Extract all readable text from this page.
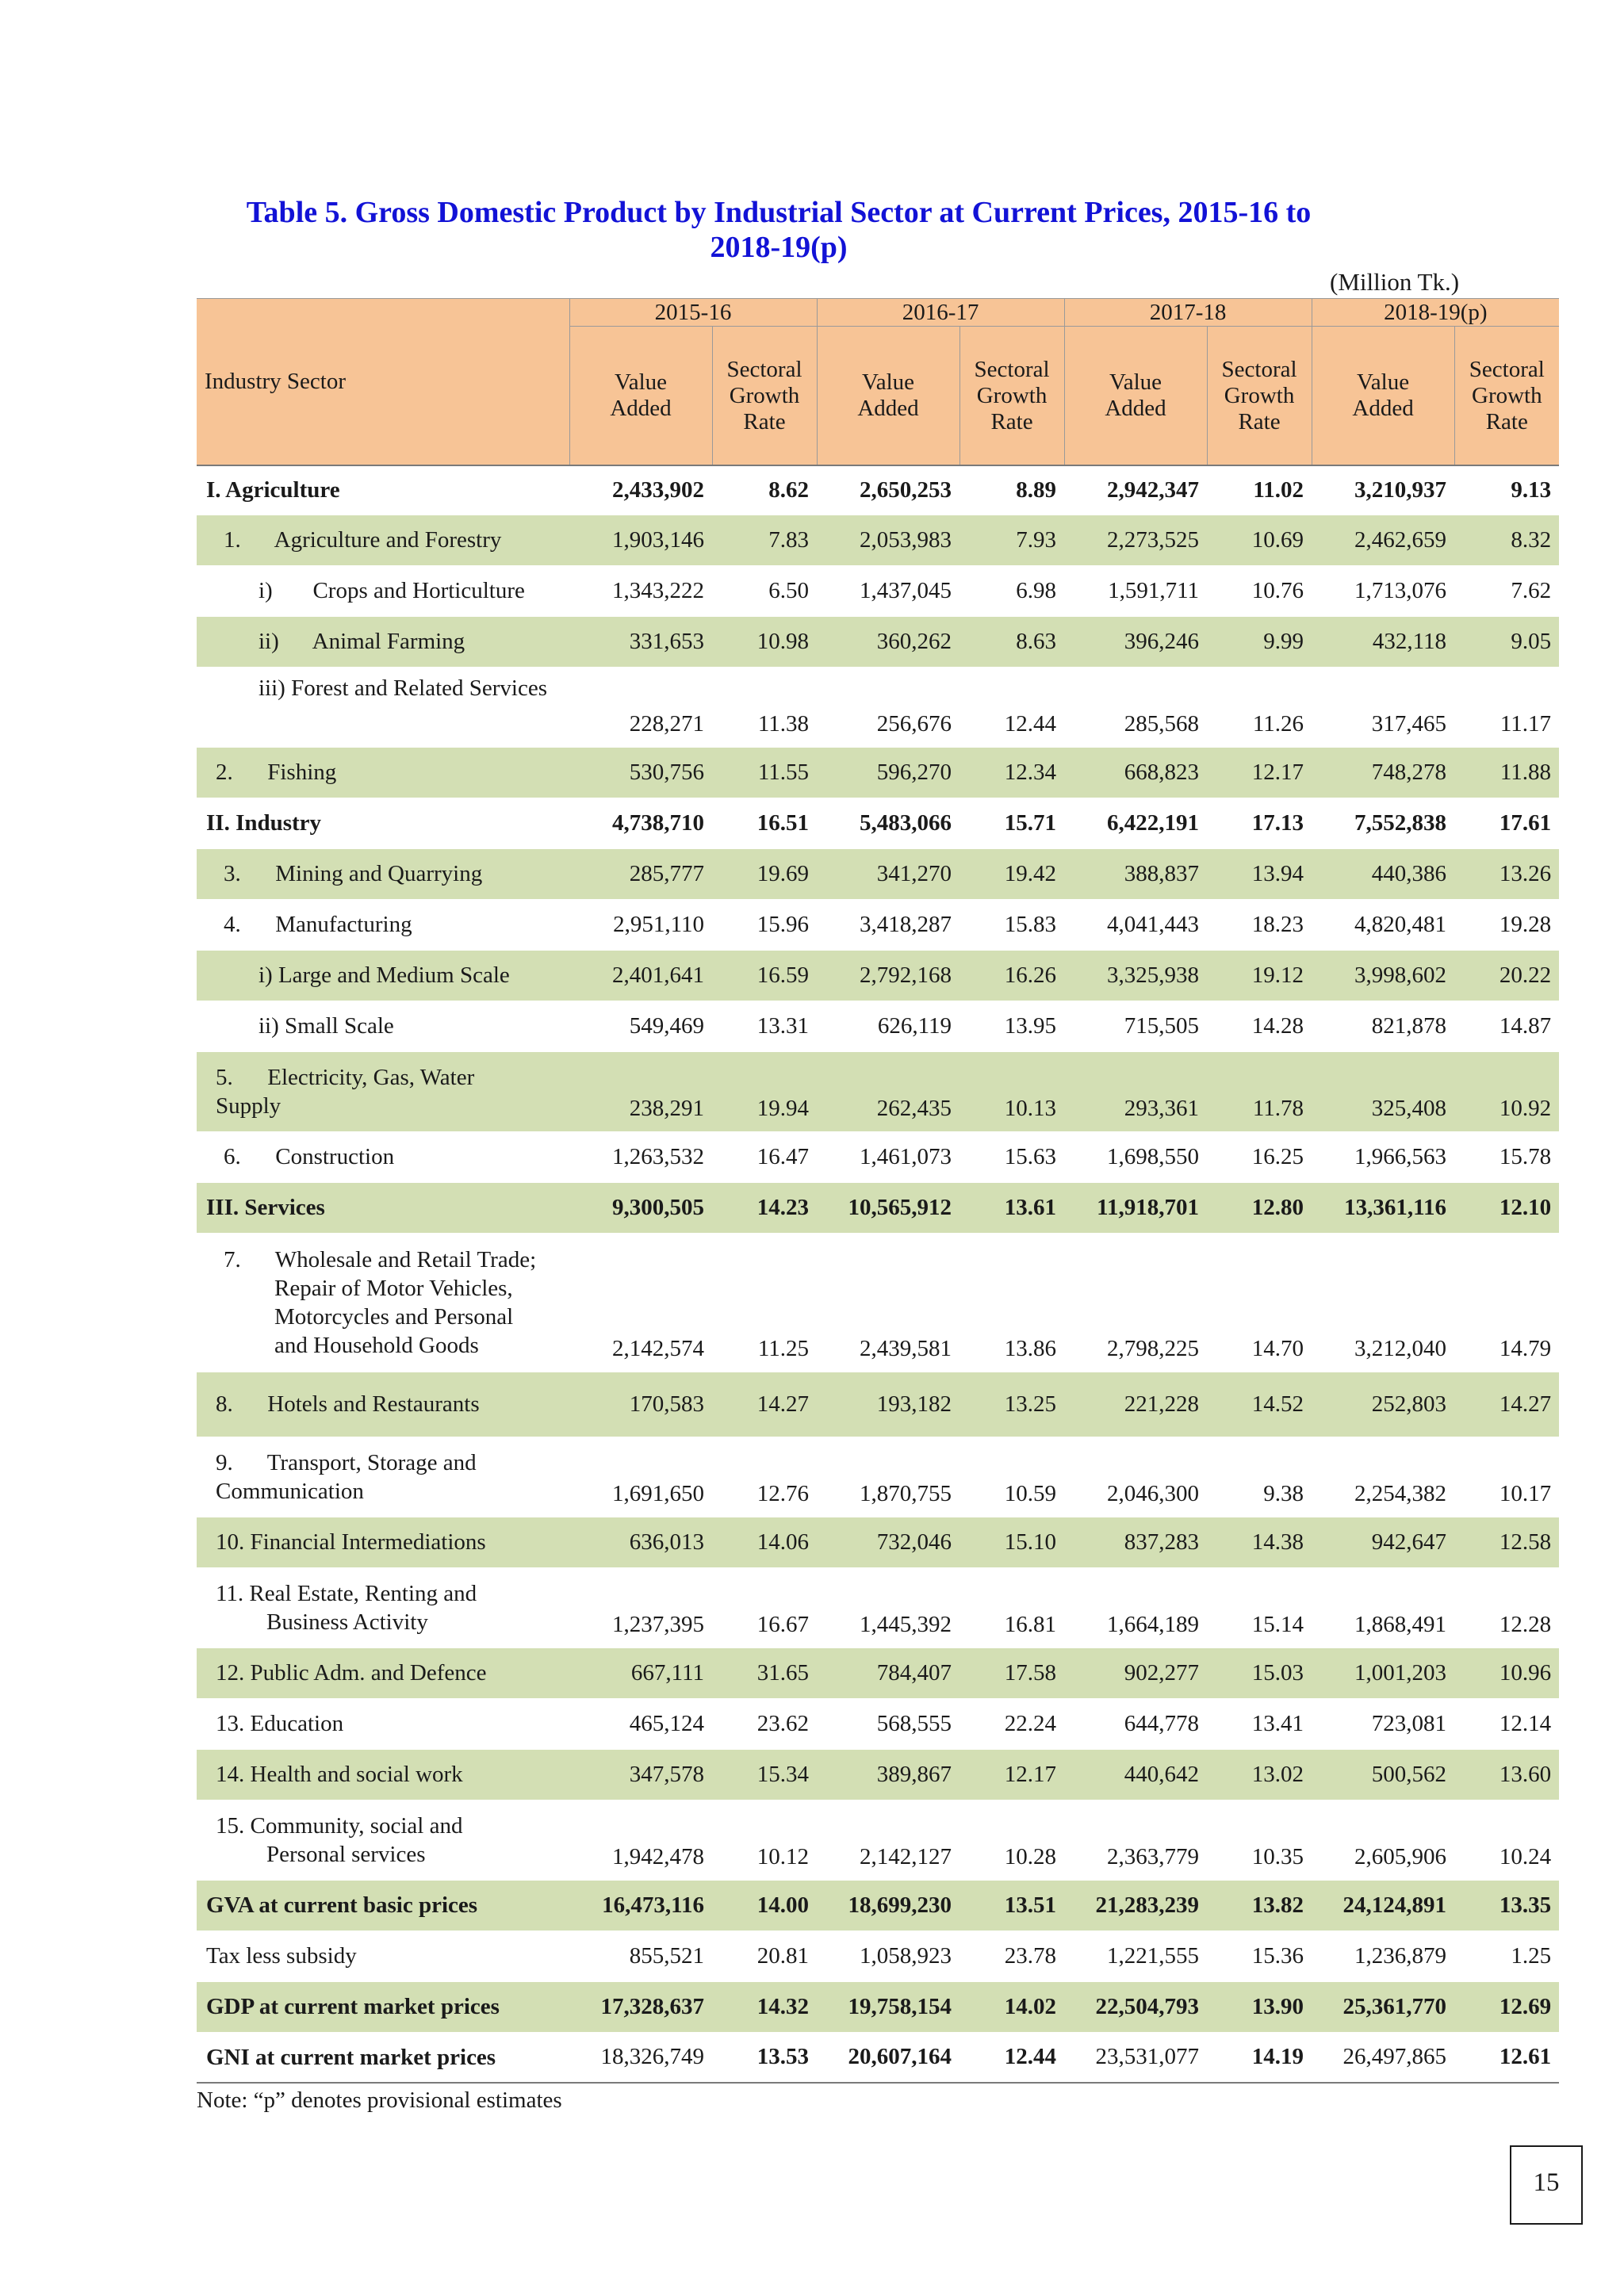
Table 5. Gross Domestic Product by Industrial Sector at Current Prices, 2015-16 to
2018-19(p)
(Million Tk.)
Industry Sector	2015-16		2016-17		2017-18		2018-19(p)	
	Value
Added	Sectoral
Growth
Rate	Value
Added	Sectoral
Growth
Rate	Value
Added	Sectoral
Growth
Rate	Value
Added	Sectoral
Growth
Rate

I. Agriculture	2,433,902	8.62	2,650,253	8.89	2,942,347	11.02	3,210,937	9.13

1.      Agriculture and Forestry	1,903,146	7.83	2,053,983	7.93	2,273,525	10.69	2,462,659	8.32

i)       Crops and Horticulture	1,343,222	6.50	1,437,045	6.98	1,591,711	10.76	1,713,076	7.62

ii)      Animal Farming	331,653	10.98	360,262	8.63	396,246	9.99	432,118	9.05

iii) Forest and Related Services	228,271	11.38	256,676	12.44	285,568	11.26	317,465	11.17

2.      Fishing	530,756	11.55	596,270	12.34	668,823	12.17	748,278	11.88

II. Industry	4,738,710	16.51	5,483,066	15.71	6,422,191	17.13	7,552,838	17.61

3.      Mining and Quarrying	285,777	19.69	341,270	19.42	388,837	13.94	440,386	13.26

4.      Manufacturing	2,951,110	15.96	3,418,287	15.83	4,041,443	18.23	4,820,481	19.28

i) Large and Medium Scale	2,401,641	16.59	2,792,168	16.26	3,325,938	19.12	3,998,602	20.22

ii) Small Scale	549,469	13.31	626,119	13.95	715,505	14.28	821,878	14.87

5.      Electricity, Gas, Water
Supply	238,291	19.94	262,435	10.13	293,361	11.78	325,408	10.92

6.      Construction	1,263,532	16.47	1,461,073	15.63	1,698,550	16.25	1,966,563	15.78

III. Services	9,300,505	14.23	10,565,912	13.61	11,918,701	12.80	13,361,116	12.10

7.      Wholesale and Retail Trade;
Repair of Motor Vehicles,
Motorcycles and Personal
and Household Goods	2,142,574	11.25	2,439,581	13.86	2,798,225	14.70	3,212,040	14.79

8.      Hotels and Restaurants	170,583	14.27	193,182	13.25	221,228	14.52	252,803	14.27

9.      Transport, Storage and
Communication	1,691,650	12.76	1,870,755	10.59	2,046,300	9.38	2,254,382	10.17

10. Financial Intermediations	636,013	14.06	732,046	15.10	837,283	14.38	942,647	12.58

11. Real Estate, Renting and
Business Activity	1,237,395	16.67	1,445,392	16.81	1,664,189	15.14	1,868,491	12.28

12. Public Adm. and Defence	667,111	31.65	784,407	17.58	902,277	15.03	1,001,203	10.96

13. Education	465,124	23.62	568,555	22.24	644,778	13.41	723,081	12.14

14. Health and social work	347,578	15.34	389,867	12.17	440,642	13.02	500,562	13.60

15. Community, social and
Personal services	1,942,478	10.12	2,142,127	10.28	2,363,779	10.35	2,605,906	10.24

GVA at current basic prices	16,473,116	14.00	18,699,230	13.51	21,283,239	13.82	24,124,891	13.35

Tax less subsidy	855,521	20.81	1,058,923	23.78	1,221,555	15.36	1,236,879	1.25

GDP at current market prices	17,328,637	14.32	19,758,154	14.02	22,504,793	13.90	25,361,770	12.69

GNI at current market prices	18,326,749	13.53	20,607,164	12.44	23,531,077	14.19	26,497,865	12.61
Note: “p” denotes provisional estimates
15
